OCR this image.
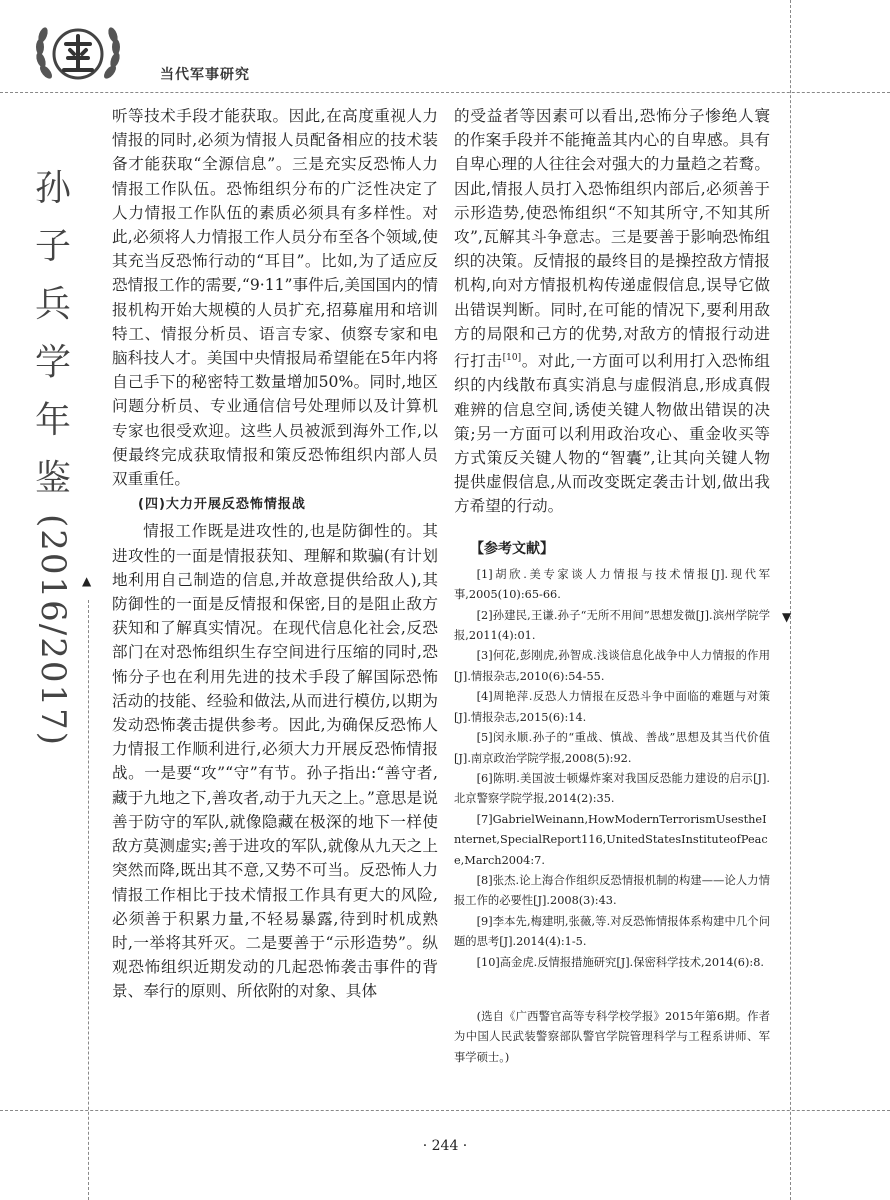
当代军事研究
孙
子
兵
学
年
鉴
(2016/2017) ▲
▼

听等技术手段才能获取。因此,在高度重视人力情报的同时,必须为情报人员配备相应的技术装备才能获取“全源信息”。三是充实反恐怖人力情报工作队伍。恐怖组织分布的广泛性决定了人力情报工作队伍的素质必须具有多样性。对此,必须将人力情报工作人员分布至各个领域,使其充当反恐怖行动的“耳目”。比如,为了适应反恐情报工作的需要,“9·11”事件后,美国国内的情报机构开始大规模的人员扩充,招募雇用和培训特工、情报分析员、语言专家、侦察专家和电脑科技人才。美国中央情报局希望能在5年内将自己手下的秘密特工数量增加50%。同时,地区问题分析员、专业通信信号处理师以及计算机专家也很受欢迎。这些人员被派到海外工作,以便最终完成获取情报和策反恐怖组织内部人员双重重任。

(四)大力开展反恐怖情报战

情报工作既是进攻性的,也是防御性的。其进攻性的一面是情报获知、理解和欺骗(有计划地利用自己制造的信息,并故意提供给敌人),其防御性的一面是反情报和保密,目的是阻止敌方获知和了解真实情况。在现代信息化社会,反恐部门在对恐怖组织生存空间进行压缩的同时,恐怖分子也在利用先进的技术手段了解国际恐怖活动的技能、经验和做法,从而进行模仿,以期为发动恐怖袭击提供参考。因此,为确保反恐怖人力情报工作顺利进行,必须大力开展反恐怖情报战。一是要“攻”“守”有节。孙子指出:“善守者,藏于九地之下,善攻者,动于九天之上。”意思是说善于防守的军队,就像隐藏在极深的地下一样使敌方莫测虚实;善于进攻的军队,就像从九天之上突然而降,既出其不意,又势不可当。反恐怖人力情报工作相比于技术情报工作具有更大的风险,必须善于积累力量,不轻易暴露,待到时机成熟时,一举将其歼灭。二是要善于“示形造势”。纵观恐怖组织近期发动的几起恐怖袭击事件的背景、奉行的原则、所依附的对象、具体

的受益者等因素可以看出,恐怖分子惨绝人寰的作案手段并不能掩盖其内心的自卑感。具有自卑心理的人往往会对强大的力量趋之若鹜。因此,情报人员打入恐怖组织内部后,必须善于示形造势,使恐怖组织“不知其所守,不知其所攻”,瓦解其斗争意志。三是要善于影响恐怖组织的决策。反情报的最终目的是操控敌方情报机构,向对方情报机构传递虚假信息,误导它做出错误判断。同时,在可能的情况下,要利用敌方的局限和己方的优势,对敌方的情报行动进行打击[10]。对此,一方面可以利用打入恐怖组织的内线散布真实消息与虚假消息,形成真假难辨的信息空间,诱使关键人物做出错误的决策;另一方面可以利用政治攻心、重金收买等方式策反关键人物的“智囊”,让其向关键人物提供虚假信息,从而改变既定袭击计划,做出我方希望的行动。

【参考文献】

[1]胡欣.美专家谈人力情报与技术情报[J].现代军事,2005(10):65-66.

[2]孙建民,王谦.孙子“无所不用间”思想发微[J].滨州学院学报,2011(4):01.

[3]何花,彭刚虎,孙智成.浅谈信息化战争中人力情报的作用[J].情报杂志,2010(6):54-55.

[4]周艳萍.反恐人力情报在反恐斗争中面临的难题与对策[J].情报杂志,2015(6):14.

[5]闵永顺.孙子的“重战、慎战、善战”思想及其当代价值[J].南京政治学院学报,2008(5):92.

[6]陈明.美国波士顿爆炸案对我国反恐能力建设的启示[J].北京警察学院学报,2014(2):35.

[7]GabrielWeinann,HowModernTerrorismUsestheInternet,SpecialReport116,UnitedStatesInstituteofPeace,March2004:7.

[8]张杰.论上海合作组织反恐情报机制的构建——论人力情报工作的必要性[J].2008(3):43.

[9]李本先,梅建明,张薇,等.对反恐怖情报体系构建中几个问题的思考[J].2014(4):1-5.

[10]高金虎.反情报措施研究[J].保密科学技术,2014(6):8.

(选自《广西警官高等专科学校学报》2015年第6期。作者为中国人民武装警察部队警官学院管理科学与工程系讲师、军事学硕士。)
· 244 ·
